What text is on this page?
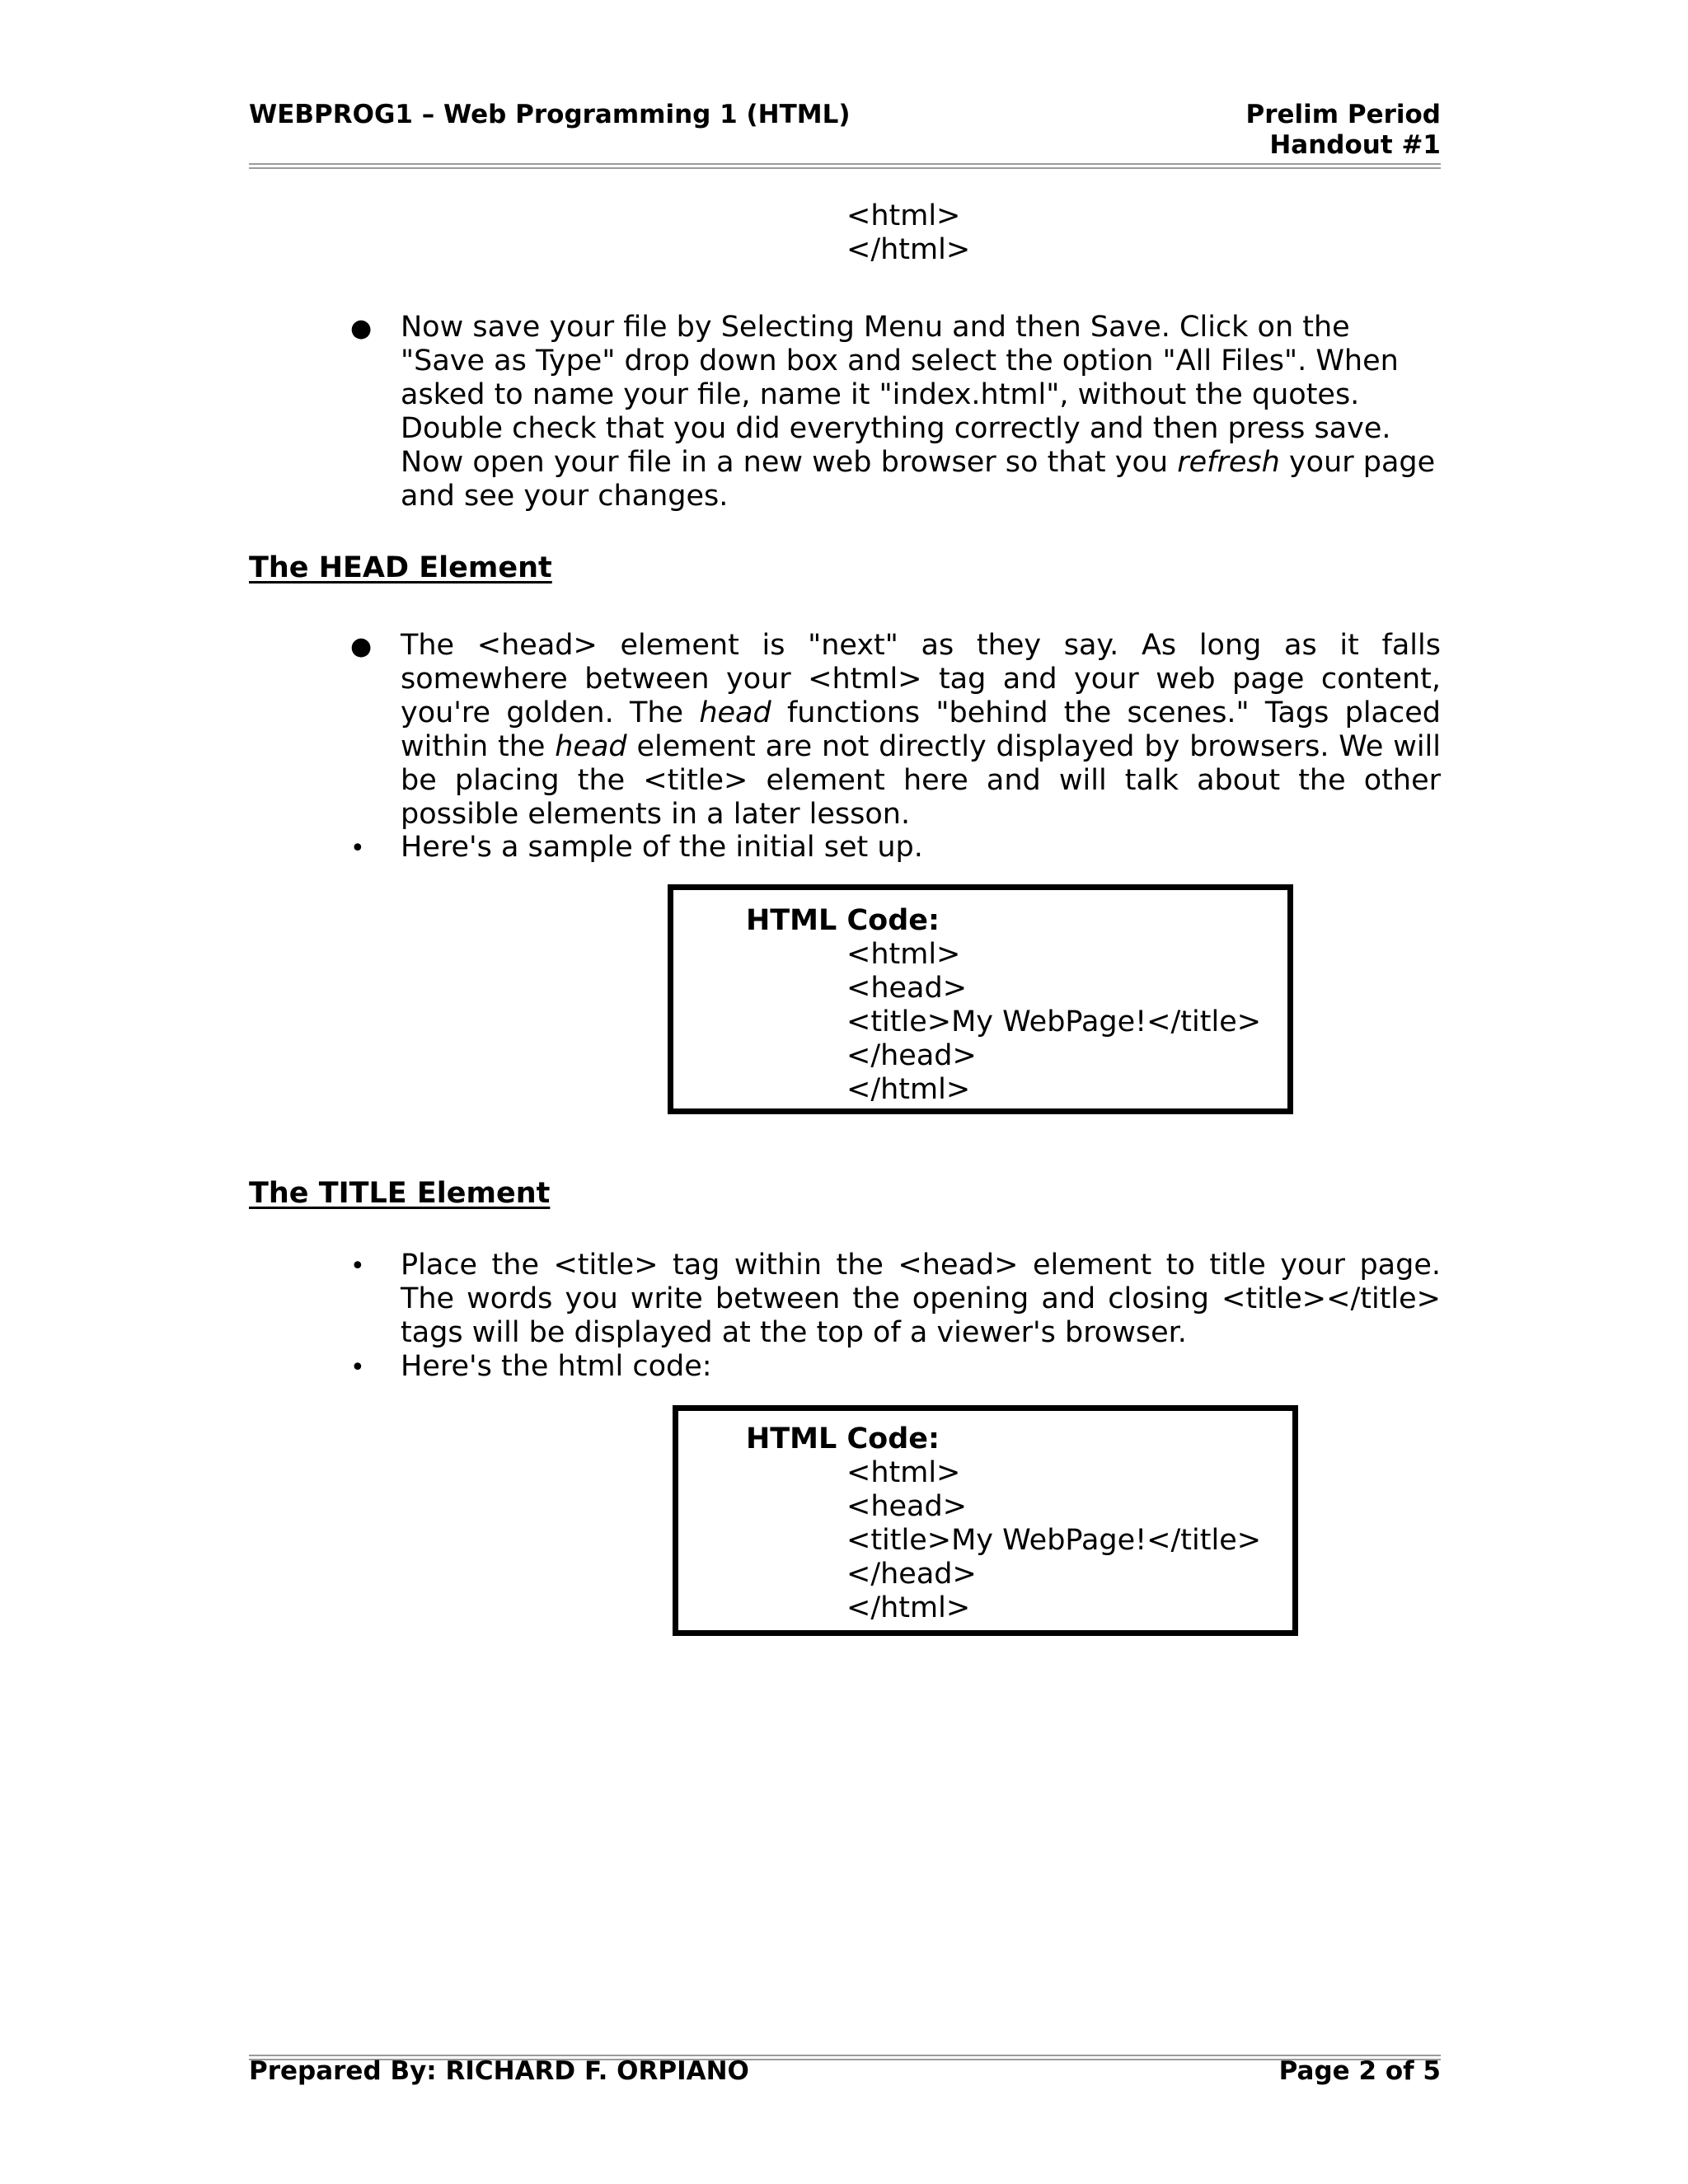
WEBPROG1 – Web Programming 1 (HTML)	Prelim Period
Handout #1
<html>
</html>
● Now save your file by Selecting Menu and then Save. Click on the "Save as Type" drop down box and select the option "All Files". When asked to name your file, name it "index.html", without the quotes. Double check that you did everything correctly and then press save. Now open your file in a new web browser so that you refresh your page and see your changes.
The HEAD Element
● The <head> element is "next" as they say. As long as it falls somewhere between your <html> tag and your web page content, you're golden. The head functions "behind the scenes." Tags placed within the head element are not directly displayed by browsers. We will be placing the <title> element here and will talk about the other possible elements in a later lesson.
• Here's a sample of the initial set up.
HTML Code:
<html>
<head>
<title>My WebPage!</title>
</head>
</html>
The TITLE Element
• Place the <title> tag within the <head> element to title your page. The words you write between the opening and closing <title></title> tags will be displayed at the top of a viewer's browser.
• Here's the html code:
HTML Code:
<html>
<head>
<title>My WebPage!</title>
</head>
</html>
Prepared By: RICHARD F. ORPIANO	Page 2 of 5
